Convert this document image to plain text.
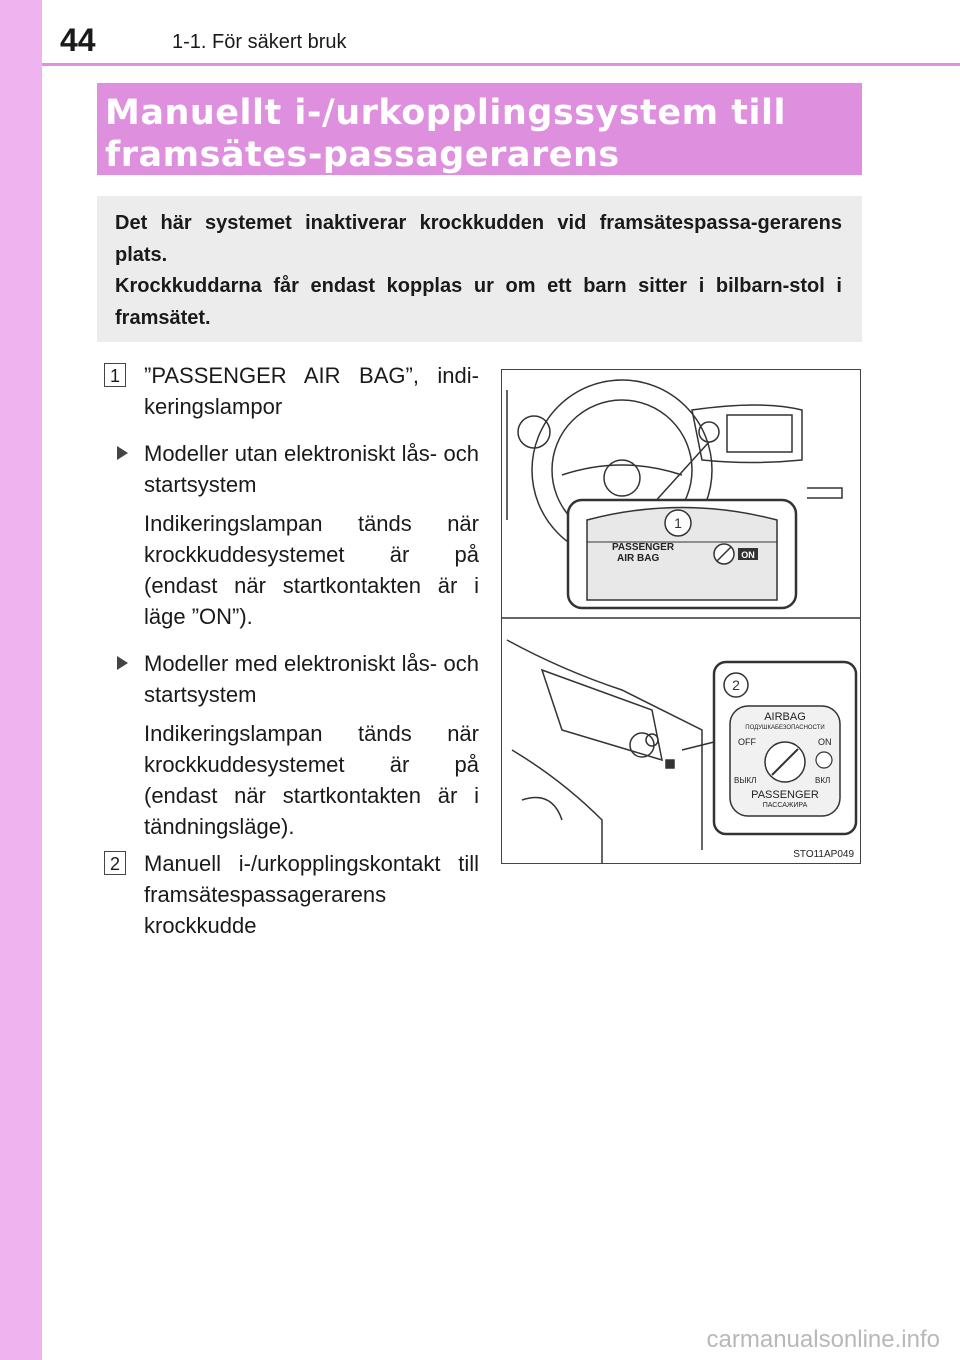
44	1-1. För säkert bruk
Manuellt i-/urkopplingssystem till framsätes-passagerarens

Det här systemet inaktiverar krockkudden vid framsätespassa-gerarens plats.

Krockkuddarna får endast kopplas ur om ett barn sitter i bilbarn-stol i framsätet.

1 ”PASSENGER AIR BAG”, indi-keringslampor
Modeller utan elektroniskt lås- och startsystem
Indikeringslampan tänds när krockkuddesystemet är på (endast när startkontakten är i läge ”ON”).
Modeller med elektroniskt lås- och startsystem
Indikeringslampan tänds när krockkuddesystemet är på (endast när startkontakten är i tändningsläge).
2 Manuell i-/urkopplingskontakt till framsätespassagerarens krockkudde
1
PASSENGER
AIR BAG	ON
2
AIRBAG
ПОДУШКАБЕЗОПАСНОСТИ
OFF	ON
ВЫКЛ	ВКЛ
PASSENGER
ПАССАЖИРА
STO11AP049
carmanualsonline.info
